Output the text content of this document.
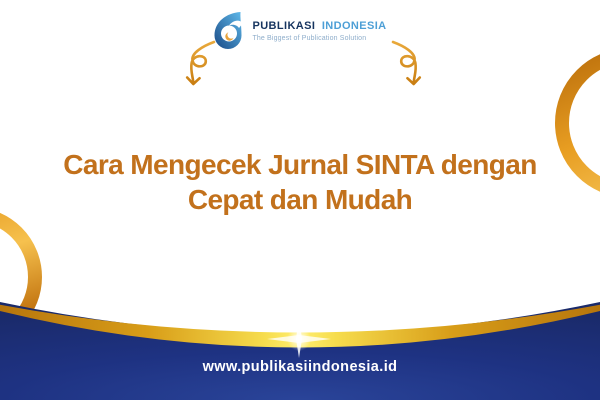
PUBLIKASI INDONESIA
The Biggest of Publication Solution
Cara Mengecek Jurnal SINTA dengan
Cepat dan Mudah
www.publikasiindonesia.id
